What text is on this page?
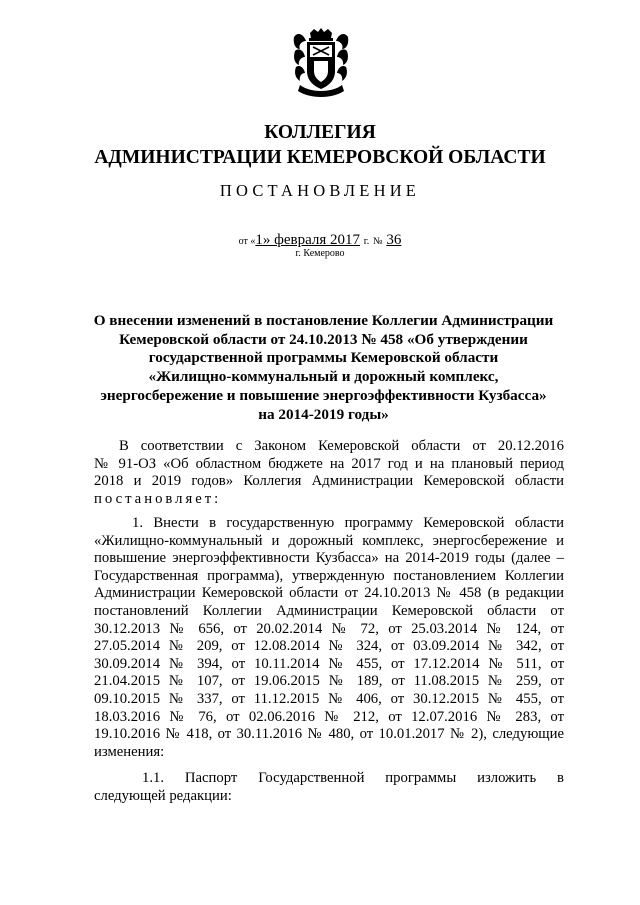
КОЛЛЕГИЯ
АДМИНИСТРАЦИИ КЕМЕРОВСКОЙ ОБЛАСТИ
ПОСТАНОВЛЕНИЕ
от «1» февраля 2017 г. № 36
г. Кемерово
О внесении изменений в постановление Коллегии Администрации
Кемеровской области от 24.10.2013 № 458 «Об утверждении
государственной программы Кемеровской области
«Жилищно-коммунальный и дорожный комплекс,
энергосбережение и повышение энергоэффективности Кузбасса»
на 2014-2019 годы»
В соответствии с Законом Кемеровской области от 20.12.2016
№ 91-ОЗ «Об областном бюджете на 2017 год и на плановый период
2018 и 2019 годов» Коллегия Администрации Кемеровской области
постановляет:
1. Внести в государственную программу Кемеровской области
«Жилищно-коммунальный и дорожный комплекс, энергосбережение и
повышение энергоэффективности Кузбасса» на 2014-2019 годы (далее –
Государственная программа), утвержденную постановлением Коллегии
Администрации Кемеровской области от 24.10.2013 № 458 (в редакции
постановлений Коллегии Администрации Кемеровской области от
30.12.2013 № 656, от 20.02.2014 № 72, от 25.03.2014 № 124, от
27.05.2014 № 209, от 12.08.2014 № 324, от 03.09.2014 № 342, от
30.09.2014 № 394, от 10.11.2014 № 455, от 17.12.2014 № 511, от
21.04.2015 № 107, от 19.06.2015 № 189, от 11.08.2015 № 259, от
09.10.2015 № 337, от 11.12.2015 № 406, от 30.12.2015 № 455, от
18.03.2016 № 76, от 02.06.2016 № 212, от 12.07.2016 № 283, от
19.10.2016 № 418, от 30.11.2016 № 480, от 10.01.2017 № 2), следующие
изменения:
1.1. Паспорт Государственной программы изложить в
следующей редакции:
